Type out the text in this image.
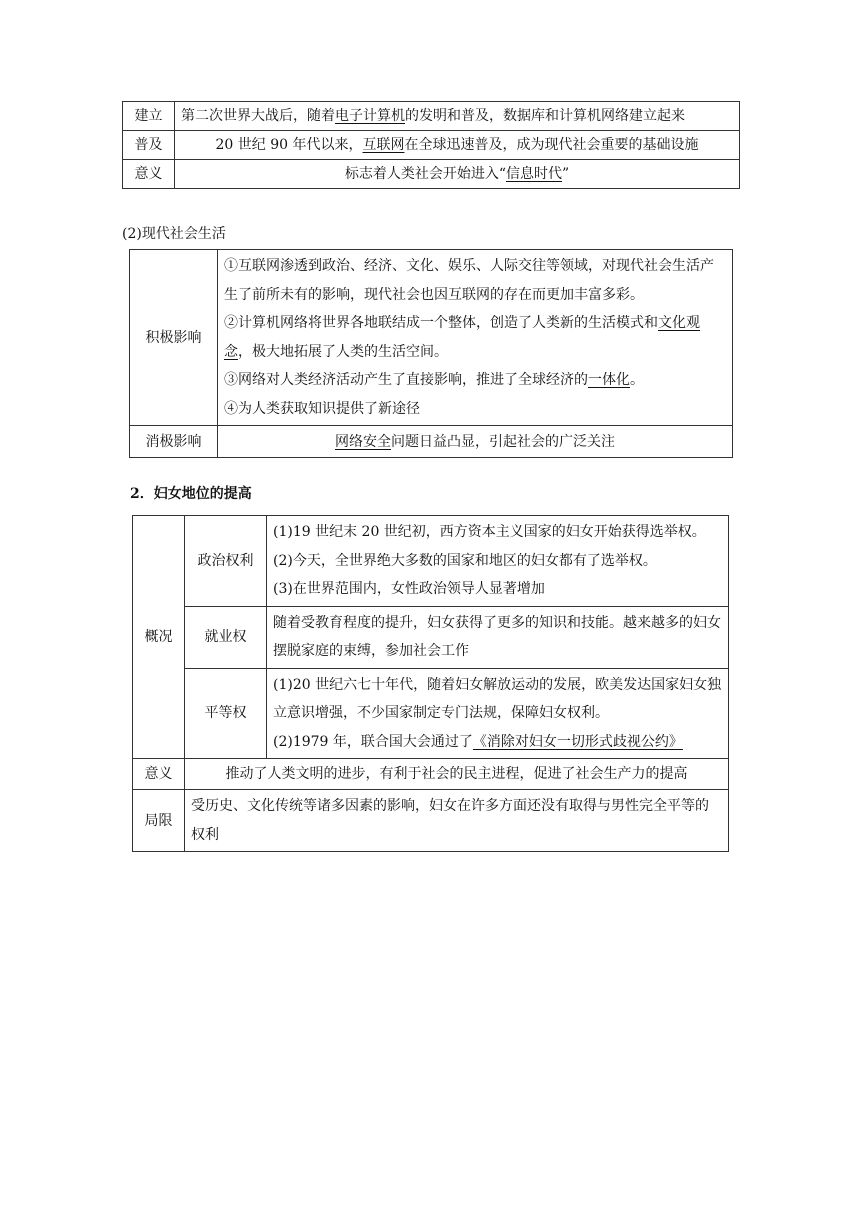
建立	第二次世界大战后，随着电子计算机的发明和普及，数据库和计算机网络建立起来
普及	20 世纪 90 年代以来，互联网在全球迅速普及，成为现代社会重要的基础设施
意义	标志着人类社会开始进入“信息时代”
(2)现代社会生活
积极影响	①互联网渗透到政治、经济、文化、娱乐、人际交往等领域，对现代社会生活产生了前所未有的影响，现代社会也因互联网的存在而更加丰富多彩。
②计算机网络将世界各地联结成一个整体，创造了人类新的生活模式和文化观念，极大地拓展了人类的生活空间。
③网络对人类经济活动产生了直接影响，推进了全球经济的一体化。
④为人类获取知识提供了新途径

消极影响	网络安全问题日益凸显，引起社会的广泛关注
2．妇女地位的提高
概况	政治权利	(1)19 世纪末 20 世纪初，西方资本主义国家的妇女开始获得选举权。
(2)今天，全世界绝大多数的国家和地区的妇女都有了选举权。
(3)在世界范围内，女性政治领导人显著增加

	就业权	随着受教育程度的提升，妇女获得了更多的知识和技能。越来越多的妇女摆脱家庭的束缚，参加社会工作
	平等权	(1)20 世纪六七十年代，随着妇女解放运动的发展，欧美发达国家妇女独立意识增强，不少国家制定专门法规，保障妇女权利。
(2)1979 年，联合国大会通过了《消除对妇女一切形式歧视公约》

意义	推动了人类文明的进步，有利于社会的民主进程，促进了社会生产力的提高	
局限	受历史、文化传统等诸多因素的影响，妇女在许多方面还没有取得与男性完全平等的权利	
